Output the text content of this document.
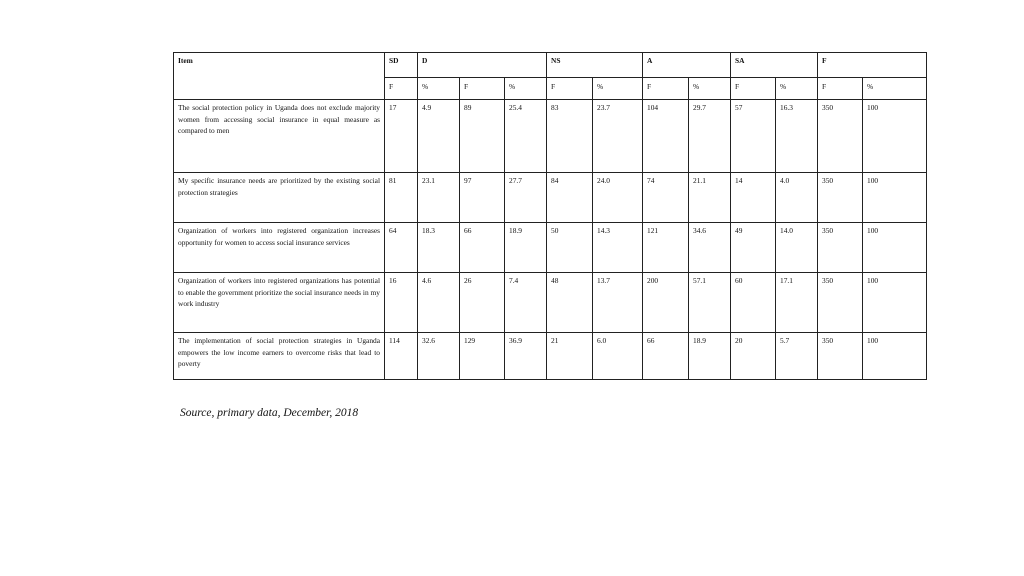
Item	SD	D			NS		A		SA		F	
	F	%	F	%	F	%	F	%	F	%	F	%
The social protection policy in Uganda does not exclude majority women from accessing social insurance in equal measure as compared to men	17	4.9	89	25.4	83	23.7	104	29.7	57	16.3	350	100
My specific insurance needs are prioritized by the existing social protection strategies	81	23.1	97	27.7	84	24.0	74	21.1	14	4.0	350	100
Organization of workers into registered organization increases opportunity for women to access social insurance services	64	18.3	66	18.9	50	14.3	121	34.6	49	14.0	350	100
Organization of workers into registered organizations has potential to enable the government prioritize the social insurance needs in my work industry	16	4.6	26	7.4	48	13.7	200	57.1	60	17.1	350	100
The implementation of social protection strategies in Uganda empowers the low income earners to overcome risks that lead to poverty	114	32.6	129	36.9	21	6.0	66	18.9	20	5.7	350	100
Source, primary data, December, 2018
